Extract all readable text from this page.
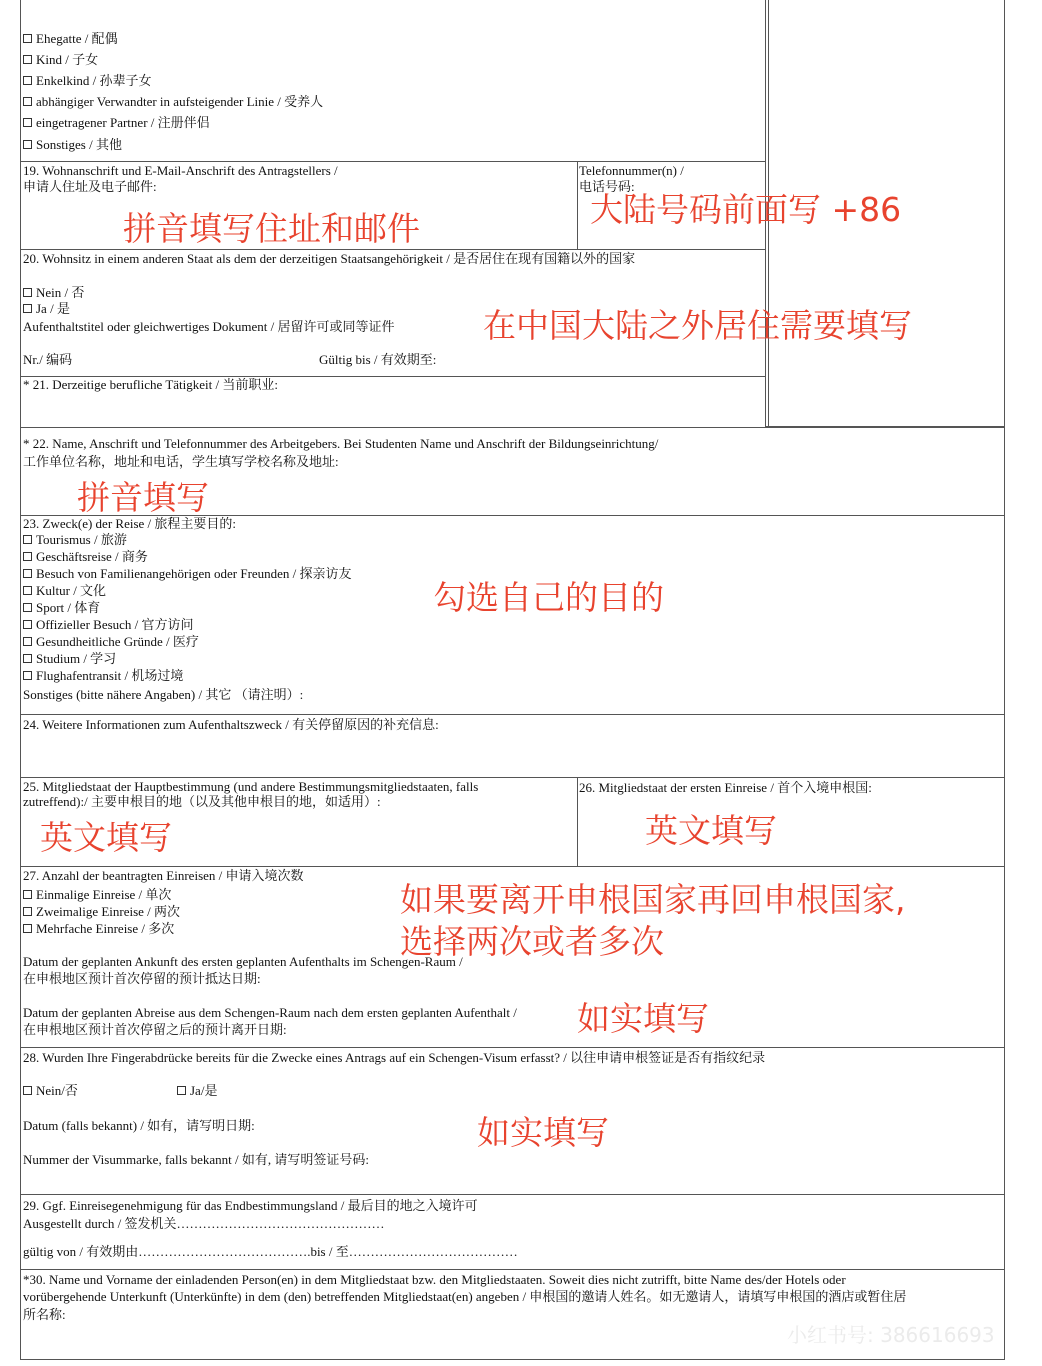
Ehegatte / 配偶
Kind / 子女
Enkelkind / 孙辈子女
abhängiger Verwandter in aufsteigender Linie / 受养人
eingetragener Partner / 注册伴侣
Sonstiges / 其他
19. Wohnanschrift und E-Mail-Anschrift des Antragstellers /
申请人住址及电子邮件:
Telefonnummer(n) /
电话号码:
20. Wohnsitz in einem anderen Staat als dem der derzeitigen Staatsangehörigkeit / 是否居住在现有国籍以外的国家
Nein / 否
Ja / 是
Aufenthaltstitel oder gleichwertiges Dokument / 居留许可或同等证件
Nr./ 编码	Gültig bis / 有效期至:
* 21. Derzeitige berufliche Tätigkeit / 当前职业:
* 22. Name, Anschrift und Telefonnummer des Arbeitgebers. Bei Studenten Name und Anschrift der Bildungseinrichtung/
工作单位名称，地址和电话，学生填写学校名称及地址:
23. Zweck(e) der Reise / 旅程主要目的:
Tourismus / 旅游
Geschäftsreise / 商务
Besuch von Familienangehörigen oder Freunden / 探亲访友
Kultur / 文化
Sport / 体育
Offizieller Besuch / 官方访问
Gesundheitliche Gründe / 医疗
Studium / 学习
Flughafentransit / 机场过境
Sonstiges (bitte nähere Angaben) / 其它 （请注明）:
24. Weitere Informationen zum Aufenthaltszweck / 有关停留原因的补充信息:
25. Mitgliedstaat der Hauptbestimmung (und andere Bestimmungsmitgliedstaaten, falls
zutreffend):/ 主要申根目的地（以及其他申根目的地，如适用）:
26. Mitgliedstaat der ersten Einreise / 首个入境申根国:
27. Anzahl der beantragten Einreisen / 申请入境次数
Einmalige Einreise / 单次
Zweimalige Einreise / 两次
Mehrfache Einreise / 多次
Datum der geplanten Ankunft des ersten geplanten Aufenthalts im Schengen-Raum /
在申根地区预计首次停留的预计抵达日期:
Datum der geplanten Abreise aus dem Schengen-Raum nach dem ersten geplanten Aufenthalt /
在申根地区预计首次停留之后的预计离开日期:
28. Wurden Ihre Fingerabdrücke bereits für die Zwecke eines Antrags auf ein Schengen-Visum erfasst? / 以往申请申根签证是否有指纹纪录
Nein/否	Ja/是
Datum (falls bekannt) / 如有，请写明日期:
Nummer der Visummarke, falls bekannt / 如有, 请写明签证号码:
29. Ggf. Einreisegenehmigung für das Endbestimmungsland / 最后目的地之入境许可
Ausgestellt durch / 签发机关…………………………………………
gültig von / 有效期由………………………………….bis / 至…………………………………
*30. Name und Vorname der einladenden Person(en) in dem Mitgliedstaat bzw. den Mitgliedstaaten. Soweit dies nicht zutrifft, bitte Name des/der Hotels oder
vorübergehende Unterkunft (Unterkünfte) in dem (den) betreffenden Mitgliedstaat(en) angeben / 申根国的邀请人姓名。如无邀请人，请填写申根国的酒店或暂住居
所名称:
拼音填写住址和邮件	大陆号码前面写 +86
在中国大陆之外居住需要填写
拼音填写
勾选自己的目的
英文填写	英文填写
如果要离开申根国家再回申根国家,
选择两次或者多次
如实填写
如实填写
小红书号: 386616693
